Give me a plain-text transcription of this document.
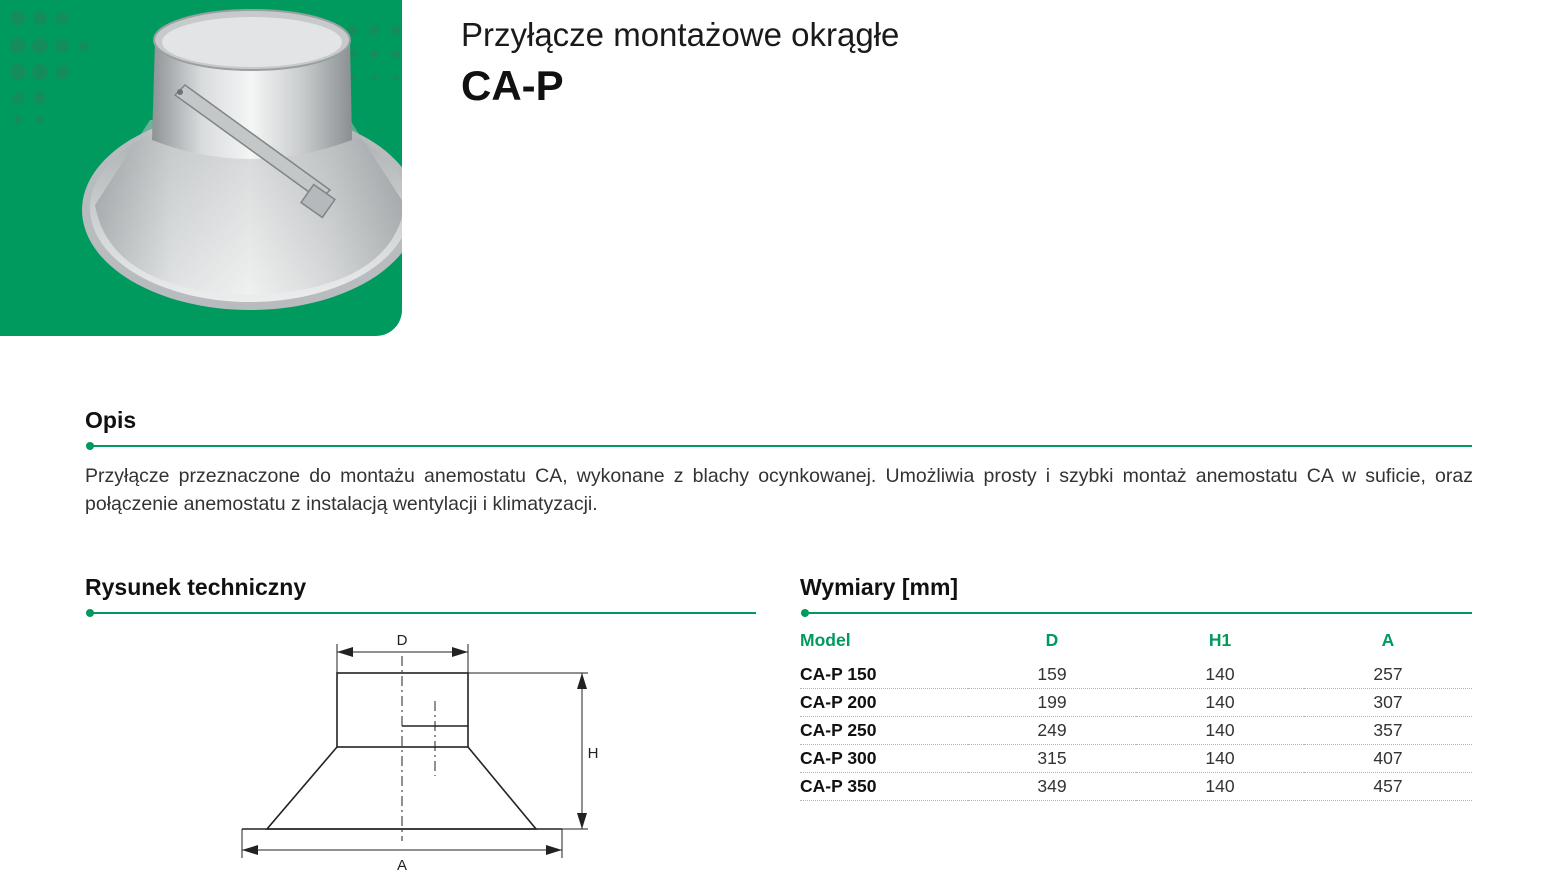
Przyłącze montażowe okrągłe
CA-P
Opis

Przyłącze przeznaczone do montażu anemostatu CA, wykonane z blachy ocynkowanej. Umożliwia prosty i szybki montaż anemostatu CA w suficie, oraz połączenie anemostatu z instalacją wentylacji i klimatyzacji.

Rysunek techniczny
D
H
A
Wymiary [mm]
Model	D	H1	A
CA-P 150	159	140	257
CA-P 200	199	140	307
CA-P 250	249	140	357
CA-P 300	315	140	407
CA-P 350	349	140	457
